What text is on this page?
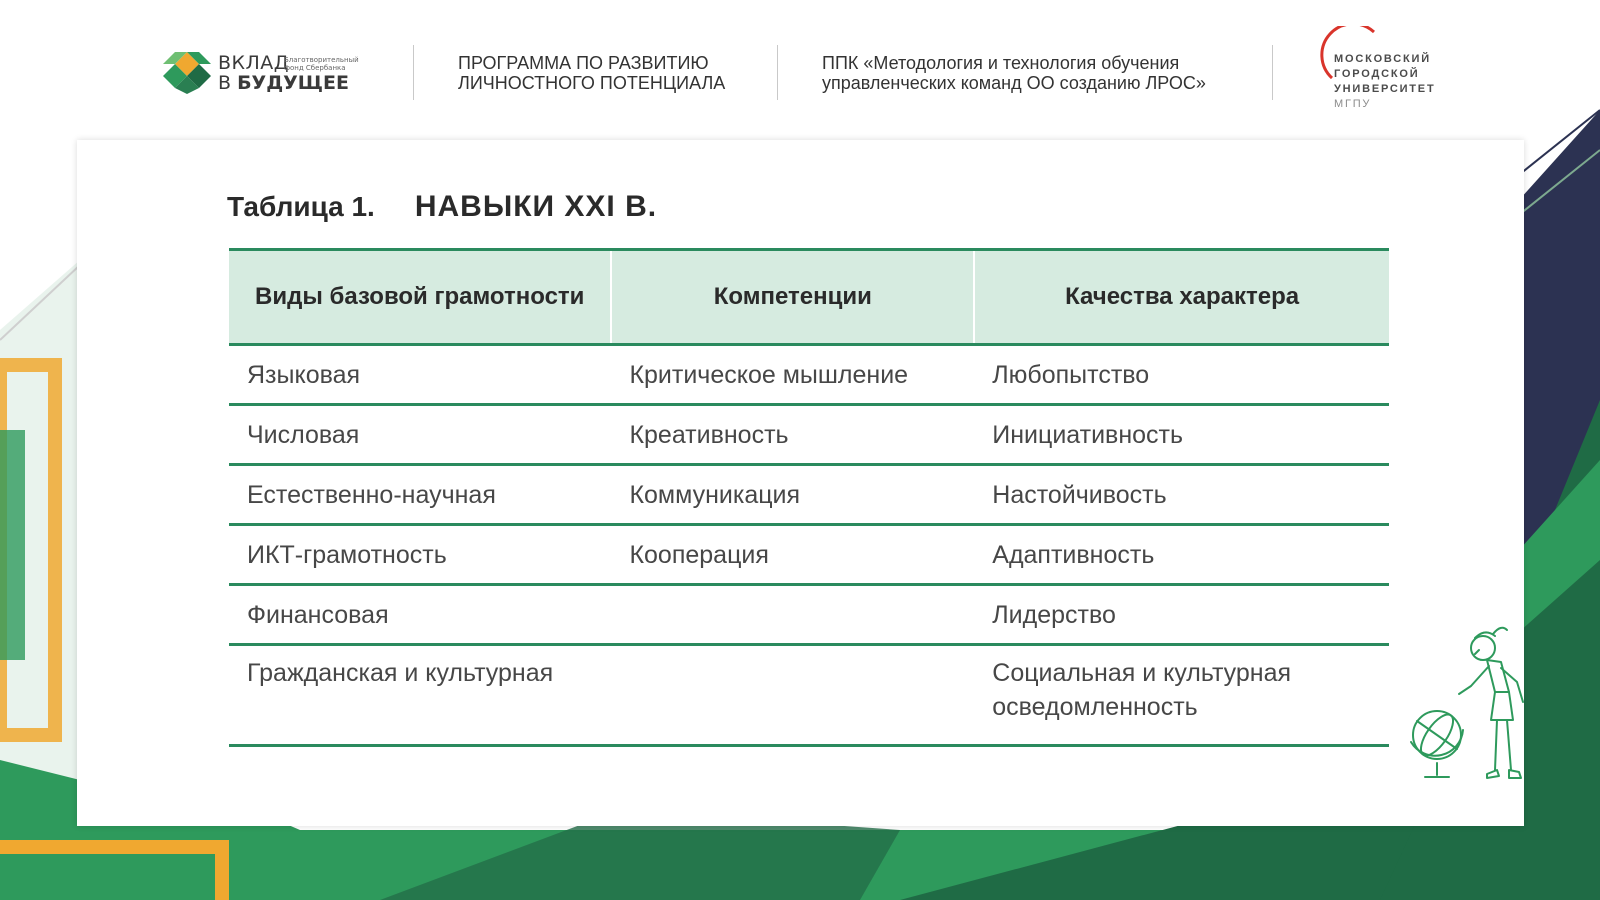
ВКЛАД
Благотворительный фонд Сбербанка
В БУДУЩЕЕ
ПРОГРАММА ПО РАЗВИТИЮ
ЛИЧНОСТНОГО ПОТЕНЦИАЛА
ППК «Методология и технология обучения
управленческих команд ОО созданию ЛРОС»
МОСКОВСКИЙ
ГОРОДСКОЙ
УНИВЕРСИТЕТ
МГПУ
Таблица 1. НАВЫКИ XXI В.
Виды базовой грамотности	Компетенции	Качества характера
Языковая	Критическое мышление	Любопытство
Числовая	Креативность	Инициативность
Естественно-научная	Коммуникация	Настойчивость
ИКТ-грамотность	Кооперация	Адаптивность
Финансовая		Лидерство
Гражданская и культурная		Социальная и культурная осведомленность
